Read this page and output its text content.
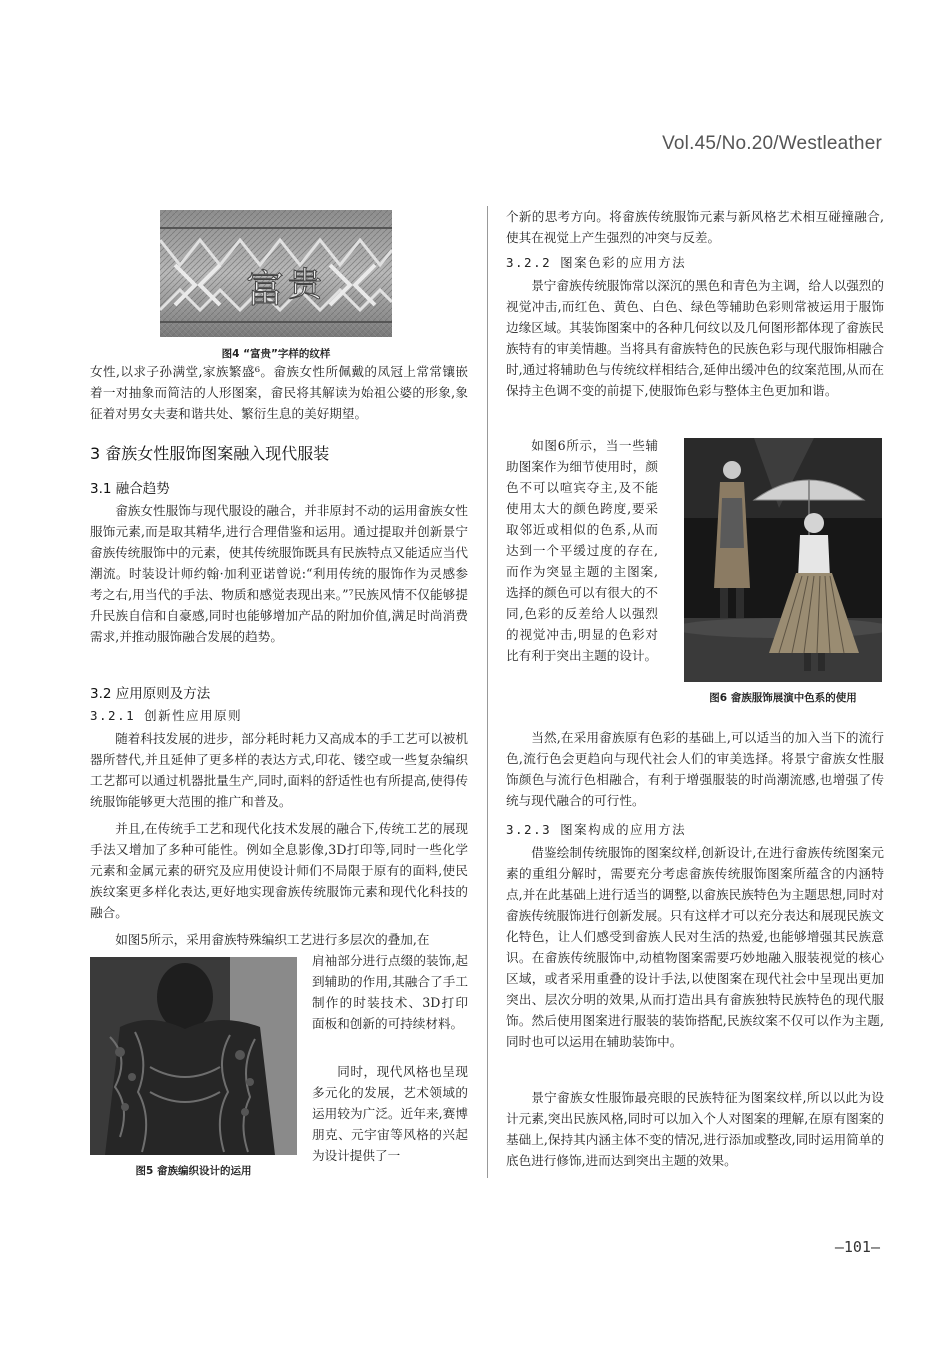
Vol.45/No.20/Westleather
富 贵
图4 “富贵”字样的纹样

女性,以求子孙满堂,家族繁盛⁶。畲族女性所佩戴的凤冠上常常镶嵌着一对抽象而简洁的人形图案，畲民将其解读为始祖公婆的形象,象征着对男女夫妻和谐共处、繁衍生息的美好期望。

3 畲族女性服饰图案融入现代服装
3.1 融合趋势

畲族女性服饰与现代服设的融合，并非原封不动的运用畲族女性服饰元素,而是取其精华,进行合理借鉴和运用。通过提取并创新景宁畲族传统服饰中的元素，使其传统服饰既具有民族特点又能适应当代潮流。时装设计师约翰·加利亚诺曾说:“利用传统的服饰作为灵感参考之右,用当代的手法、物质和感觉表现出来。”⁷民族风情不仅能够提升民族自信和自豪感,同时也能够增加产品的附加价值,满足时尚消费需求,并推动服饰融合发展的趋势。

3.2 应用原则及方法
3.2.1 创新性应用原则

随着科技发展的进步，部分耗时耗力又高成本的手工艺可以被机器所替代,并且延伸了更多样的表达方式,印花、镂空或一些复杂编织工艺都可以通过机器批量生产,同时,面料的舒适性也有所提高,使得传统服饰能够更大范围的推广和普及。

并且,在传统手工艺和现代化技术发展的融合下,传统工艺的展现手法又增加了多种可能性。例如全息影像,3D打印等,同时一些化学元素和金属元素的研究及应用使设计师们不局限于原有的面料,使民族纹案更多样化表达,更好地实现畲族传统服饰元素和现代化科技的融合。

如图5所示，采用畲族特殊编织工艺进行多层次的叠加,在

图5 畲族编织设计的运用

肩袖部分进行点缀的装饰,起到辅助的作用,其融合了手工制作的时装技术、3D打印面板和创新的可持续材料。

同时，现代风格也呈现多元化的发展，艺术领域的运用较为广泛。近年来,赛博朋克、元宇宙等风格的兴起为设计提供了一

个新的思考方向。将畲族传统服饰元素与新风格艺术相互碰撞融合,使其在视觉上产生强烈的冲突与反差。

3.2.2 图案色彩的应用方法

景宁畲族传统服饰常以深沉的黑色和青色为主调，给人以强烈的视觉冲击,而红色、黄色、白色、绿色等辅助色彩则常被运用于服饰边缘区域。其装饰图案中的各种几何纹以及几何图形都体现了畲族民族特有的审美情趣。当将具有畲族特色的民族色彩与现代服饰相融合时,通过将辅助色与传统纹样相结合,延伸出缓冲色的纹案范围,从而在保持主色调不变的前提下,使服饰色彩与整体主色更加和谐。

如图6所示，当一些辅助图案作为细节使用时，颜色不可以喧宾夺主,及不能使用太大的颜色跨度,要采取邻近或相似的色系,从而达到一个平缓过度的存在,而作为突显主题的主图案,选择的颜色可以有很大的不同,色彩的反差给人以强烈的视觉冲击,明显的色彩对比有利于突出主题的设计。

图6 畲族服饰展演中色系的使用

当然,在采用畲族原有色彩的基础上,可以适当的加入当下的流行色,流行色会更趋向与现代社会人们的审美选择。将景宁畲族女性服饰颜色与流行色相融合，有利于增强服装的时尚潮流感,也增强了传统与现代融合的可行性。

3.2.3 图案构成的应用方法

借鉴绘制传统服饰的图案纹样,创新设计,在进行畲族传统图案元素的重组分解时，需要充分考虑畲族传统服饰图案所蕴含的内涵特点,并在此基础上进行适当的调整,以畲族民族特色为主题思想,同时对畲族传统服饰进行创新发展。只有这样才可以充分表达和展现民族文化特色，让人们感受到畲族人民对生活的热爱,也能够增强其民族意识。在畲族传统服饰中,动植物图案需要巧妙地融入服装视觉的核心区域，或者采用重叠的设计手法,以使图案在现代社会中呈现出更加突出、层次分明的效果,从而打造出具有畲族独特民族特色的现代服饰。然后使用图案进行服装的装饰搭配,民族纹案不仅可以作为主题,同时也可以运用在辅助装饰中。

景宁畲族女性服饰最亮眼的民族特征为图案纹样,所以以此为设计元素,突出民族风格,同时可以加入个人对图案的理解,在原有图案的基础上,保持其内涵主体不变的情况,进行添加或整改,同时运用简单的底色进行修饰,进而达到突出主题的效果。

—101—
